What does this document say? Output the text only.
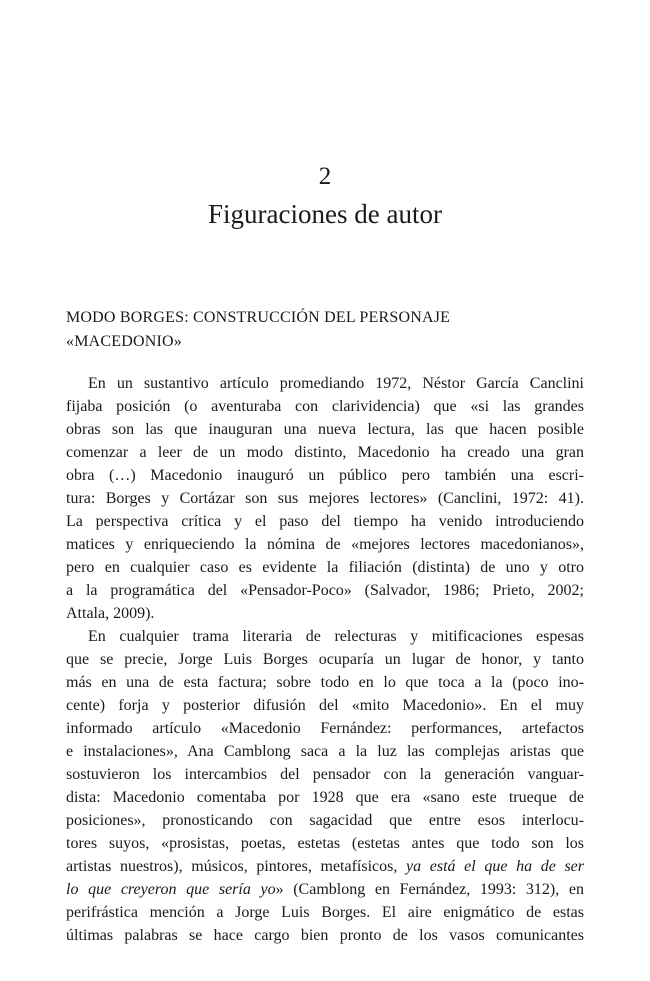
2
Figuraciones de autor
MODO BORGES: CONSTRUCCIÓN DEL PERSONAJE
«MACEDONIO»
En un sustantivo artículo promediando 1972, Néstor García Canclini
fijaba posición (o aventuraba con clarividencia) que «si las grandes
obras son las que inauguran una nueva lectura, las que hacen posible
comenzar a leer de un modo distinto, Macedonio ha creado una gran
obra (…) Macedonio inauguró un público pero también una escri-
tura: Borges y Cortázar son sus mejores lectores» (Canclini, 1972: 41).
La perspectiva crítica y el paso del tiempo ha venido introduciendo
matices y enriqueciendo la nómina de «mejores lectores macedonianos»,
pero en cualquier caso es evidente la filiación (distinta) de uno y otro
a la programática del «Pensador-Poco» (Salvador, 1986; Prieto, 2002;
Attala, 2009).
En cualquier trama literaria de relecturas y mitificaciones espesas
que se precie, Jorge Luis Borges ocuparía un lugar de honor, y tanto
más en una de esta factura; sobre todo en lo que toca a la (poco ino-
cente) forja y posterior difusión del «mito Macedonio». En el muy
informado artículo «Macedonio Fernández: performances, artefactos
e instalaciones», Ana Camblong saca a la luz las complejas aristas que
sostuvieron los intercambios del pensador con la generación vanguar-
dista: Macedonio comentaba por 1928 que era «sano este trueque de
posiciones», pronosticando con sagacidad que entre esos interlocu-
tores suyos, «prosistas, poetas, estetas (estetas antes que todo son los
artistas nuestros), músicos, pintores, metafísicos, ya está el que ha de ser
lo que creyeron que sería yo» (Camblong en Fernández, 1993: 312), en
perifrástica mención a Jorge Luis Borges. El aire enigmático de estas
últimas palabras se hace cargo bien pronto de los vasos comunicantes
